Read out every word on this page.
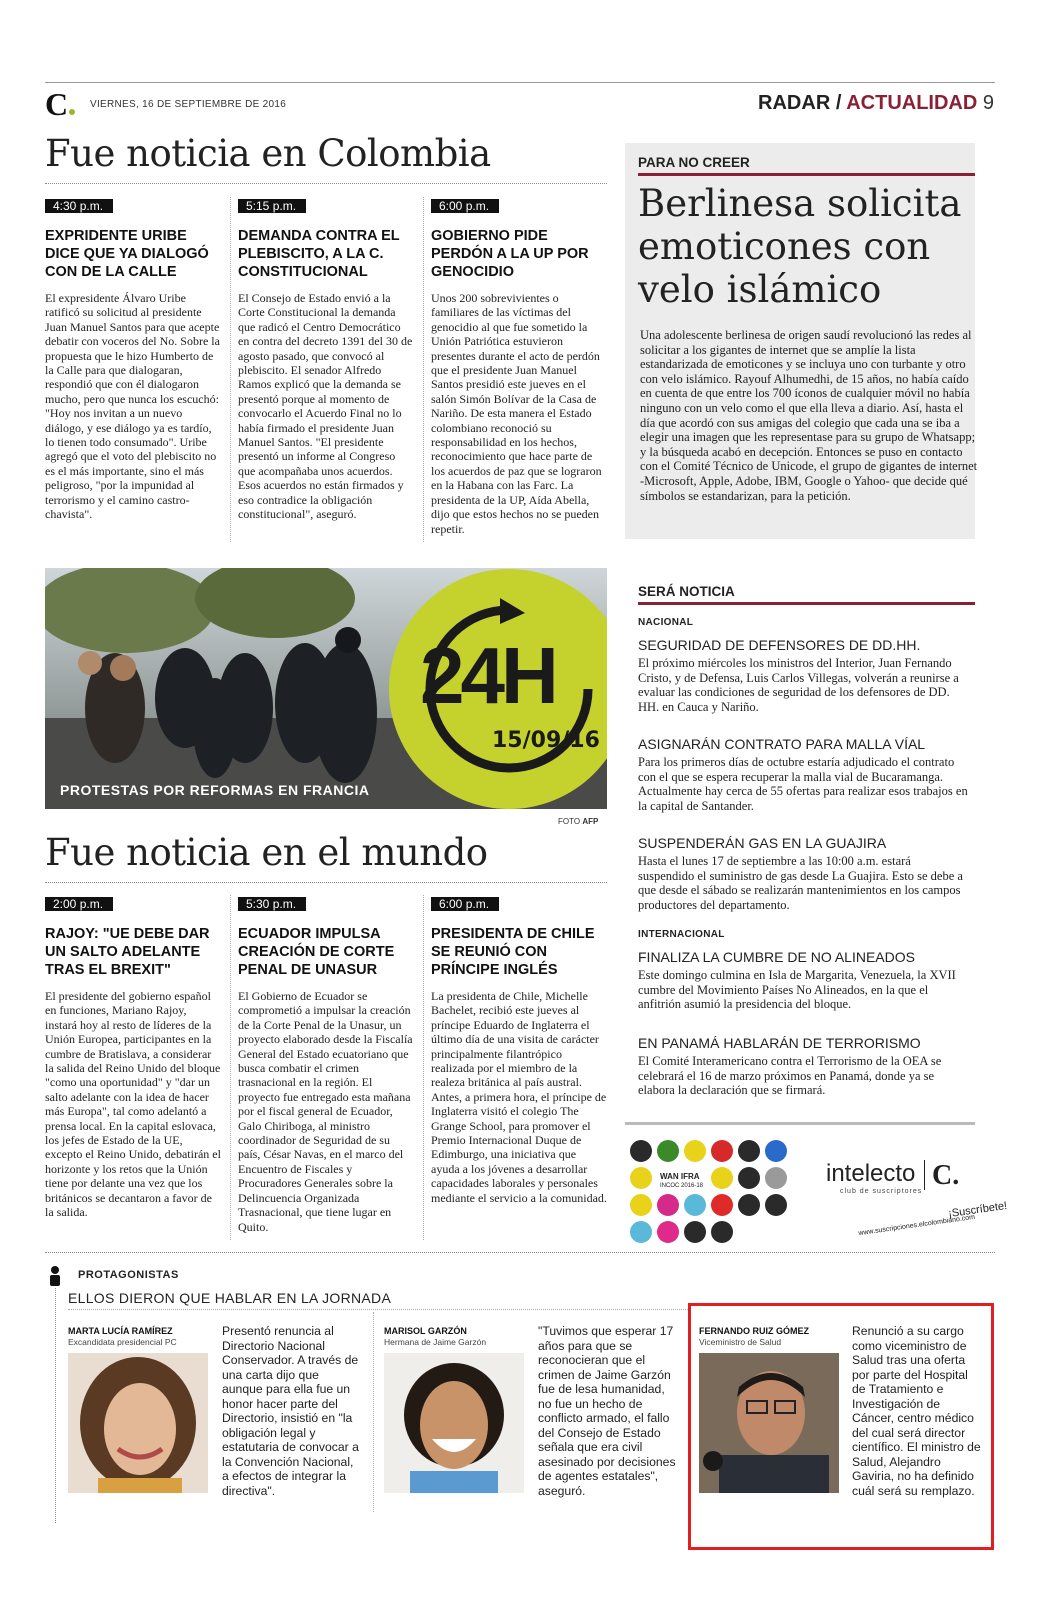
C	VIERNES, 16 DE SEPTIEMBRE DE 2016	RADAR / ACTUALIDAD 9
Fue noticia en Colombia
4:30 p.m.
EXPRIDENTE URIBE DICE QUE YA DIALOGÓ CON DE LA CALLE
El expresidente Álvaro Uribe ratificó su solicitud al presidente Juan Manuel Santos para que acepte debatir con voceros del No. Sobre la propuesta que le hizo Humberto de la Calle para que dialogaran, respondió que con él dialogaron mucho, pero que nunca los escuchó: "Hoy nos invitan a un nuevo diálogo, y ese diálogo ya es tardío, lo tienen todo consumado". Uribe agregó que el voto del plebiscito no es el más importante, sino el más peligroso, "por la impunidad al terrorismo y el camino castro-chavista".
5:15 p.m.
DEMANDA CONTRA EL PLEBISCITO, A LA C. CONSTITUCIONAL
El Consejo de Estado envió a la Corte Constitucional la demanda que radicó el Centro Democrático en contra del decreto 1391 del 30 de agosto pasado, que convocó al plebiscito. El senador Alfredo Ramos explicó que la demanda se presentó porque al momento de convocarlo el Acuerdo Final no lo había firmado el presidente Juan Manuel Santos. "El presidente presentó un informe al Congreso que acompañaba unos acuerdos. Esos acuerdos no están firmados y eso contradice la obligación constitucional", aseguró.
6:00 p.m.
GOBIERNO PIDE PERDÓN A LA UP POR GENOCIDIO
Unos 200 sobrevivientes o familiares de las víctimas del genocidio al que fue sometido la Unión Patriótica estuvieron presentes durante el acto de perdón que el presidente Juan Manuel Santos presidió este jueves en el salón Simón Bolívar de la Casa de Nariño. De esta manera el Estado colombiano reconoció su responsabilidad en los hechos, reconocimiento que hace parte de los acuerdos de paz que se lograron en la Habana con las Farc. La presidenta de la UP, Aída Abella, dijo que estos hechos no se pueden repetir.
PARA NO CREER
Berlinesa solicita emoticones con velo islámico
Una adolescente berlinesa de origen saudí revolucionó las redes al solicitar a los gigantes de internet que se amplíe la lista estandarizada de emoticones y se incluya uno con turbante y otro con velo islámico. Rayouf Alhumedhi, de 15 años, no había caído en cuenta de que entre los 700 íconos de cualquier móvil no había ninguno con un velo como el que ella lleva a diario. Así, hasta el día que acordó con sus amigas del colegio que cada una se iba a elegir una imagen que les representase para su grupo de Whatsapp; y la búsqueda acabó en decepción. Entonces se puso en contacto con el Comité Técnico de Unicode, el grupo de gigantes de internet -Microsoft, Apple, Adobe, IBM, Google o Yahoo- que decide qué símbolos se estandarizan, para la petición.
24H
15/09/16
PROTESTAS POR REFORMAS EN FRANCIA
FOTO AFP
SERÁ NOTICIA
NACIONAL
SEGURIDAD DE DEFENSORES DE DD.HH.
El próximo miércoles los ministros del Interior, Juan Fernando Cristo, y de Defensa, Luis Carlos Villegas, volverán a reunirse a evaluar las condiciones de seguridad de los defensores de DD. HH. en Cauca y Nariño.
ASIGNARÁN CONTRATO PARA MALLA VÍAL
Para los primeros días de octubre estaría adjudicado el contrato con el que se espera recuperar la malla vial de Bucaramanga. Actualmente hay cerca de 55 ofertas para realizar esos trabajos en la capital de Santander.
SUSPENDERÁN GAS EN LA GUAJIRA
Hasta el lunes 17 de septiembre a las 10:00 a.m. estará suspendido el suministro de gas desde La Guajira. Esto se debe a que desde el sábado se realizarán mantenimientos en los campos productores del departamento.
INTERNACIONAL
FINALIZA LA CUMBRE DE NO ALINEADOS
Este domingo culmina en Isla de Margarita, Venezuela, la XVII cumbre del Movimiento Países No Alineados, en la que el anfitrión asumió la presidencia del bloque.
EN PANAMÁ HABLARÁN DE TERRORISMO
El Comité Interamericano contra el Terrorismo de la OEA se celebrará el 16 de marzo próximos en Panamá, donde ya se elabora la declaración que se firmará.
Fue noticia en el mundo
2:00 p.m.
RAJOY: "UE DEBE DAR UN SALTO ADELANTE TRAS EL BREXIT"
El presidente del gobierno español en funciones, Mariano Rajoy, instará hoy al resto de líderes de la Unión Europea, participantes en la cumbre de Bratislava, a considerar la salida del Reino Unido del bloque "como una oportunidad" y "dar un salto adelante con la idea de hacer más Europa", tal como adelantó a prensa local. En la capital eslovaca, los jefes de Estado de la UE, excepto el Reino Unido, debatirán el horizonte y los retos que la Unión tiene por delante una vez que los británicos se decantaron a favor de la salida.
5:30 p.m.
ECUADOR IMPULSA CREACIÓN DE CORTE PENAL DE UNASUR
El Gobierno de Ecuador se comprometió a impulsar la creación de la Corte Penal de la Unasur, un proyecto elaborado desde la Fiscalía General del Estado ecuatoriano que busca combatir el crimen trasnacional en la región. El proyecto fue entregado esta mañana por el fiscal general de Ecuador, Galo Chiriboga, al ministro coordinador de Seguridad de su país, César Navas, en el marco del Encuentro de Fiscales y Procuradores Generales sobre la Delincuencia Organizada Trasnacional, que tiene lugar en Quito.
6:00 p.m.
PRESIDENTA DE CHILE SE REUNIÓ CON PRÍNCIPE INGLÉS
La presidenta de Chile, Michelle Bachelet, recibió este jueves al príncipe Eduardo de Inglaterra el último día de una visita de carácter principalmente filantrópico realizada por el miembro de la realeza británica al país austral. Antes, a primera hora, el príncipe de Inglaterra visitó el colegio The Grange School, para promover el Premio Internacional Duque de Edimburgo, una iniciativa que ayuda a los jóvenes a desarrollar capacidades laborales y personales mediante el servicio a la comunidad.
WAN IFRA
INCOC 2016-18	intelecto
club de suscriptores
C.
¡Suscríbete!
www.suscripciones.elcolombiano.com
PROTAGONISTAS
ELLOS DIERON QUE HABLAR EN LA JORNADA
MARTA LUCÍA RAMÍREZ
Excandidata presidencial PC
Presentó renuncia al Directorio Nacional Conservador. A través de una carta dijo que aunque para ella fue un honor hacer parte del Directorio, insistió en "la obligación legal y estatutaria de convocar a la Convención Nacional, a efectos de integrar la directiva".
MARISOL GARZÓN
Hermana de Jaime Garzón
"Tuvimos que esperar 17 años para que se reconocieran que el crimen de Jaime Garzón fue de lesa humanidad, no fue un hecho de conflicto armado, el fallo del Consejo de Estado señala que era civil asesinado por decisiones de agentes estatales", aseguró.
FERNANDO RUIZ GÓMEZ
Viceministro de Salud
Renunció a su cargo como viceministro de Salud tras una oferta por parte del Hospital de Tratamiento e Investigación de Cáncer, centro médico del cual será director científico. El ministro de Salud, Alejandro Gaviria, no ha definido cuál será su remplazo.
